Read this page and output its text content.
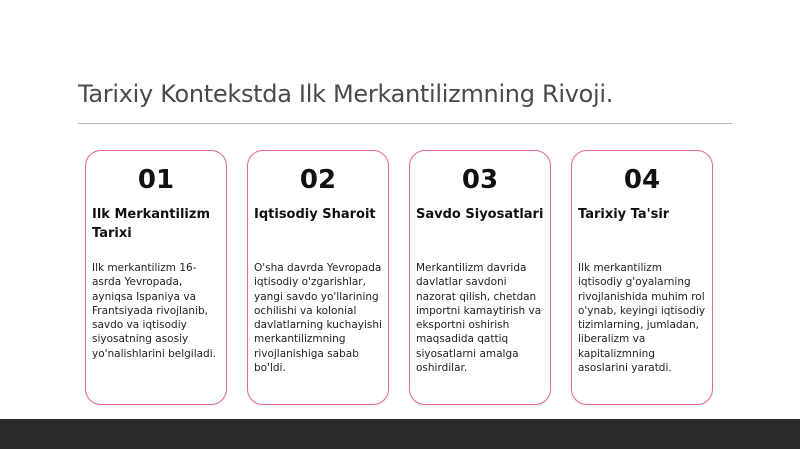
Tarixiy Kontekstda Ilk Merkantilizmning Rivoji.
01
Ilk Merkantilizm Tarixi
Ilk merkantilizm 16-asrda Yevropada, ayniqsa Ispaniya va Frantsiyada rivojlanib, savdo va iqtisodiy siyosatning asosiy yo'nalishlarini belgiladi.
02
Iqtisodiy Sharoit
O'sha davrda Yevropada iqtisodiy o'zgarishlar, yangi savdo yo'llarining ochilishi va kolonial davlatlarning kuchayishi merkantilizmning rivojlanishiga sabab bo'ldi.
03
Savdo Siyosatlari
Merkantilizm davrida davlatlar savdoni nazorat qilish, chetdan importni kamaytirish va eksportni oshirish maqsadida qattiq siyosatlarni amalga oshirdilar.
04
Tarixiy Ta'sir
Ilk merkantilizm iqtisodiy g'oyalarning rivojlanishida muhim rol o'ynab, keyingi iqtisodiy tizimlarning, jumladan, liberalizm va kapitalizmning asoslarini yaratdi.
